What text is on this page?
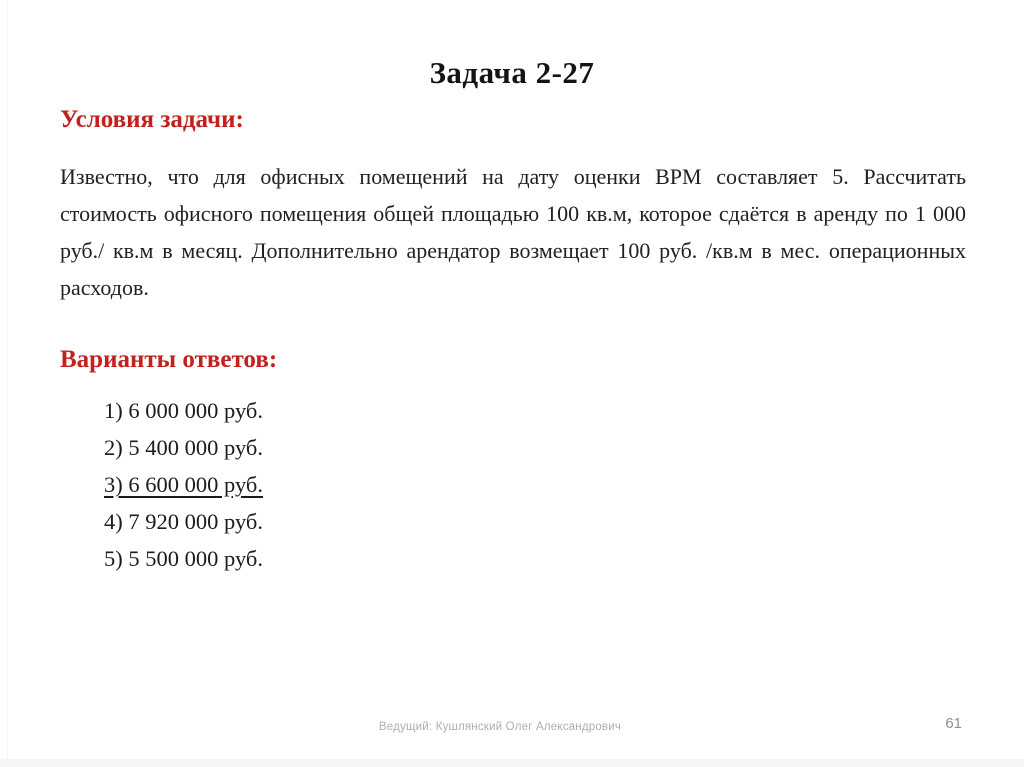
Задача 2-27
Условия задачи:
Известно, что для офисных помещений на дату оценки ВРМ составляет 5. Рассчитать стоимость офисного помещения общей площадью 100 кв.м, которое сдаётся в аренду по 1 000 руб./ кв.м в месяц. Дополнительно арендатор возмещает 100 руб. /кв.м в мес. операционных расходов.
Варианты ответов:
1) 6 000 000 руб.
2) 5 400 000 руб.
3) 6 600 000 руб.
4) 7 920 000 руб.
5) 5 500 000 руб.
Ведущий: Кушлянский Олег Александрович	61
